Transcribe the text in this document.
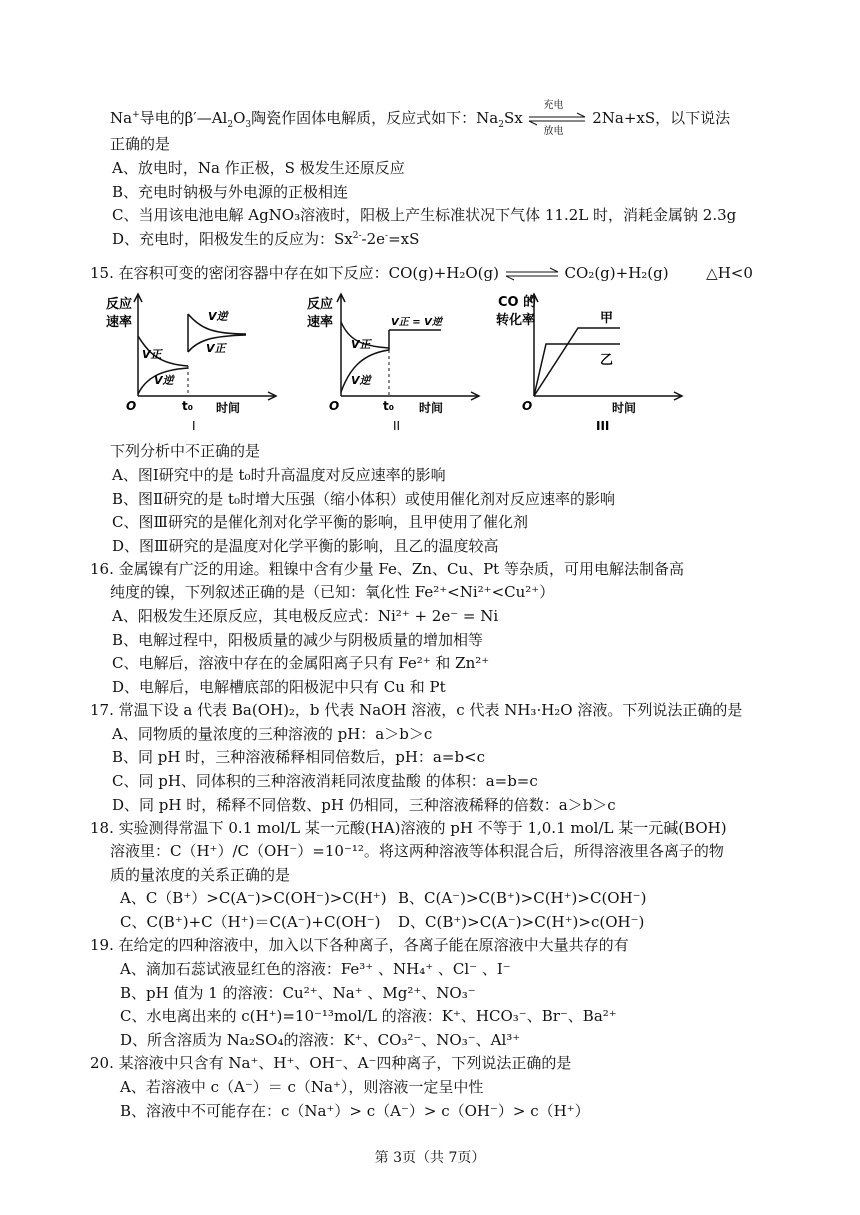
Na+导电的$\beta'—Al_2O_3$陶瓷作固体电解质，反应式如下：$Na_2Sx$
充电
放电
2Na+xS，以下说法
正确的是
A、放电时，Na 作正极，S 极发生还原反应
B、充电时钠极与外电源的正极相连
C、当用该电池电解 AgNO₃溶液时，阳极上产生标准状况下气体 11.2L 时，消耗金属钠 2.3g
D、充电时，阳极发生的反应为：$Sx^{2-}-2e^-=xS$
15. 在容积可变的密闭容器中存在如下反应：CO(g)+H₂O(g) ⇌ CO₂(g)+H₂(g)	△H<0
反应
速率
V正
V逆
V逆
V正
O	t₀ 时间
I
反应
速率	V正 = V逆
V正
V逆
O	t₀ 时间
II
CO 的
转化率	甲
乙
O	时间
III
下列分析中不正确的是
A、图Ⅰ研究中的是 t₀时升高温度对反应速率的影响
B、图Ⅱ研究的是 t₀时增大压强（缩小体积）或使用催化剂对反应速率的影响
C、图Ⅲ研究的是催化剂对化学平衡的影响，且甲使用了催化剂
D、图Ⅲ研究的是温度对化学平衡的影响，且乙的温度较高
16. 金属镍有广泛的用途。粗镍中含有少量 Fe、Zn、Cu、Pt 等杂质，可用电解法制备高
纯度的镍，下列叙述正确的是（已知：氧化性 Fe²⁺<Ni²⁺<Cu²⁺）
A、阳极发生还原反应，其电极反应式：Ni²⁺ + 2e⁻ = Ni
B、电解过程中，阳极质量的减少与阴极质量的增加相等
C、电解后，溶液中存在的金属阳离子只有 Fe²⁺ 和 Zn²⁺
D、电解后，电解槽底部的阳极泥中只有 Cu 和 Pt
17. 常温下设 a 代表 Ba(OH)₂，b 代表 NaOH 溶液，c 代表 NH₃·H₂O 溶液。下列说法正确的是
A、同物质的量浓度的三种溶液的 pH：a＞b＞c
B、同 pH 时，三种溶液稀释相同倍数后，pH：a=b<c
C、同 pH、同体积的三种溶液消耗同浓度盐酸 的体积：a=b=c
D、同 pH 时，稀释不同倍数、pH 仍相同，三种溶液稀释的倍数：a＞b＞c
18. 实验测得常温下 0.1 mol/L 某一元酸(HA)溶液的 pH 不等于 1,0.1 mol/L 某一元碱(BOH)
溶液里：C（H⁺）/C（OH⁻）=10⁻¹²。将这两种溶液等体积混合后，所得溶液里各离子的物
质的量浓度的关系正确的是
A、C（B⁺）>C(A⁻)>C(OH⁻)>C(H⁺) B、C(A⁻)>C(B⁺)>C(H⁺)>C(OH⁻)
C、C(B⁺)+C（H⁺)＝C(A⁻)+C(OH⁻) D、C(B⁺)>C(A⁻)>C(H⁺)>c(OH⁻)
19. 在给定的四种溶液中，加入以下各种离子，各离子能在原溶液中大量共存的有
A、滴加石蕊试液显红色的溶液：Fe³⁺ 、NH₄⁺ 、Cl⁻ 、I⁻
B、pH 值为 1 的溶液：Cu²⁺、Na⁺ 、Mg²⁺、NO₃⁻
C、水电离出来的 c(H⁺)=10⁻¹³mol/L 的溶液：K⁺、HCO₃⁻、Br⁻、Ba²⁺
D、所含溶质为 Na₂SO₄的溶液：K⁺、CO₃²⁻、NO₃⁻、Al³⁺
20. 某溶液中只含有 Na⁺、H⁺、OH⁻、A⁻四种离子，下列说法正确的是
A、若溶液中 c（A⁻）＝ c（Na⁺），则溶液一定呈中性
B、溶液中不可能存在：c（Na⁺）> c（A⁻）> c（OH⁻）> c（H⁺）
第 3页（共 7页）
